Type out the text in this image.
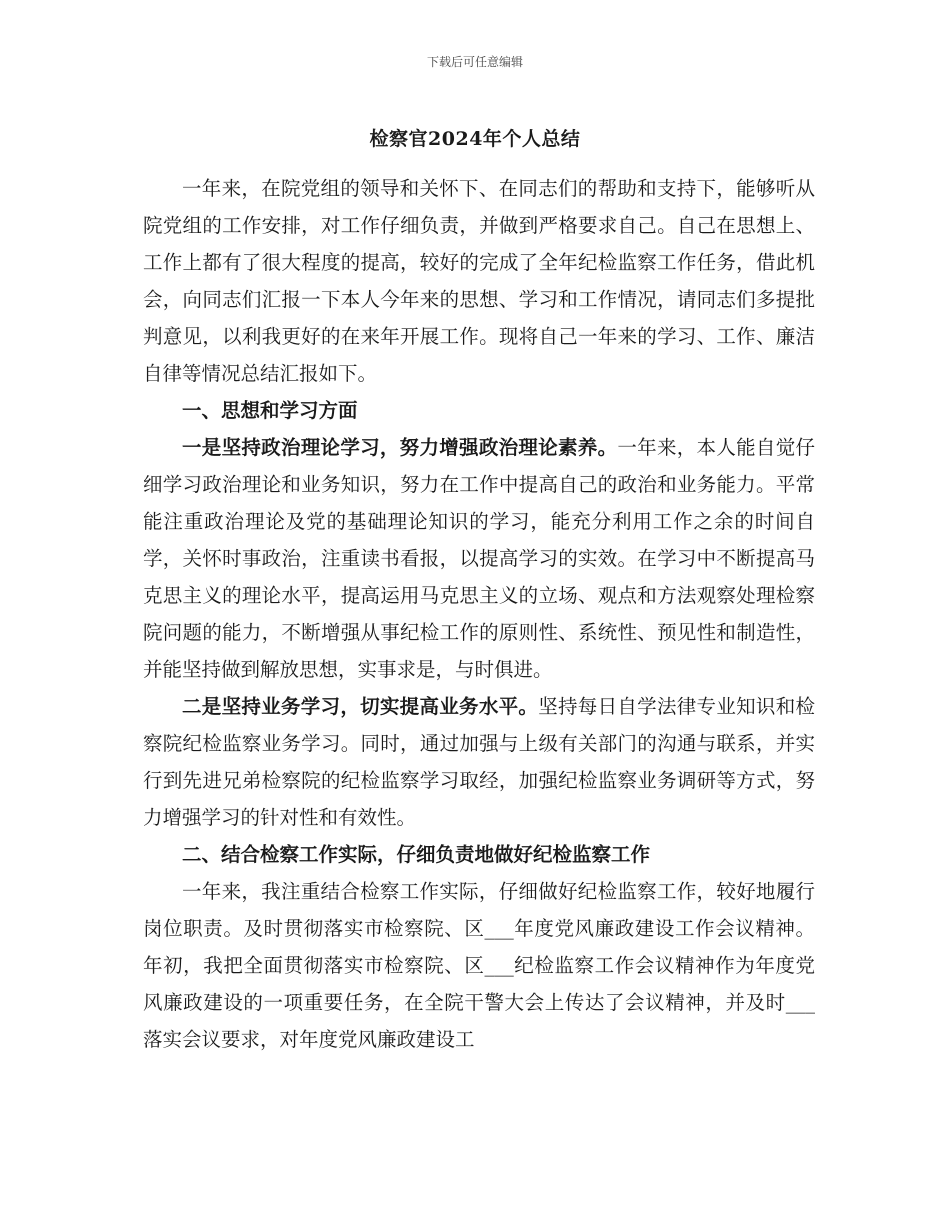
下载后可任意编辑
检察官2024年个人总结

一年来，在院党组的领导和关怀下、在同志们的帮助和支持下，能够听从院党组的工作安排，对工作仔细负责，并做到严格要求自己。自己在思想上、工作上都有了很大程度的提高，较好的完成了全年纪检监察工作任务，借此机会，向同志们汇报一下本人今年来的思想、学习和工作情况，请同志们多提批判意见，以利我更好的在来年开展工作。现将自己一年来的学习、工作、廉洁自律等情况总结汇报如下。

一、思想和学习方面

一是坚持政治理论学习，努力增强政治理论素养。一年来，本人能自觉仔细学习政治理论和业务知识，努力在工作中提高自己的政治和业务能力。平常能注重政治理论及党的基础理论知识的学习，能充分利用工作之余的时间自学，关怀时事政治，注重读书看报，以提高学习的实效。在学习中不断提高马克思主义的理论水平，提高运用马克思主义的立场、观点和方法观察处理检察院问题的能力，不断增强从事纪检工作的原则性、系统性、预见性和制造性，并能坚持做到解放思想，实事求是，与时俱进。

二是坚持业务学习，切实提高业务水平。坚持每日自学法律专业知识和检察院纪检监察业务学习。同时，通过加强与上级有关部门的沟通与联系，并实行到先进兄弟检察院的纪检监察学习取经，加强纪检监察业务调研等方式，努力增强学习的针对性和有效性。

二、结合检察工作实际，仔细负责地做好纪检监察工作

一年来，我注重结合检察工作实际，仔细做好纪检监察工作，较好地履行岗位职责。及时贯彻落实市检察院、区___年度党风廉政建设工作会议精神。年初，我把全面贯彻落实市检察院、区___纪检监察工作会议精神作为年度党风廉政建设的一项重要任务，在全院干警大会上传达了会议精神，并及时___落实会议要求，对年度党风廉政建设工
